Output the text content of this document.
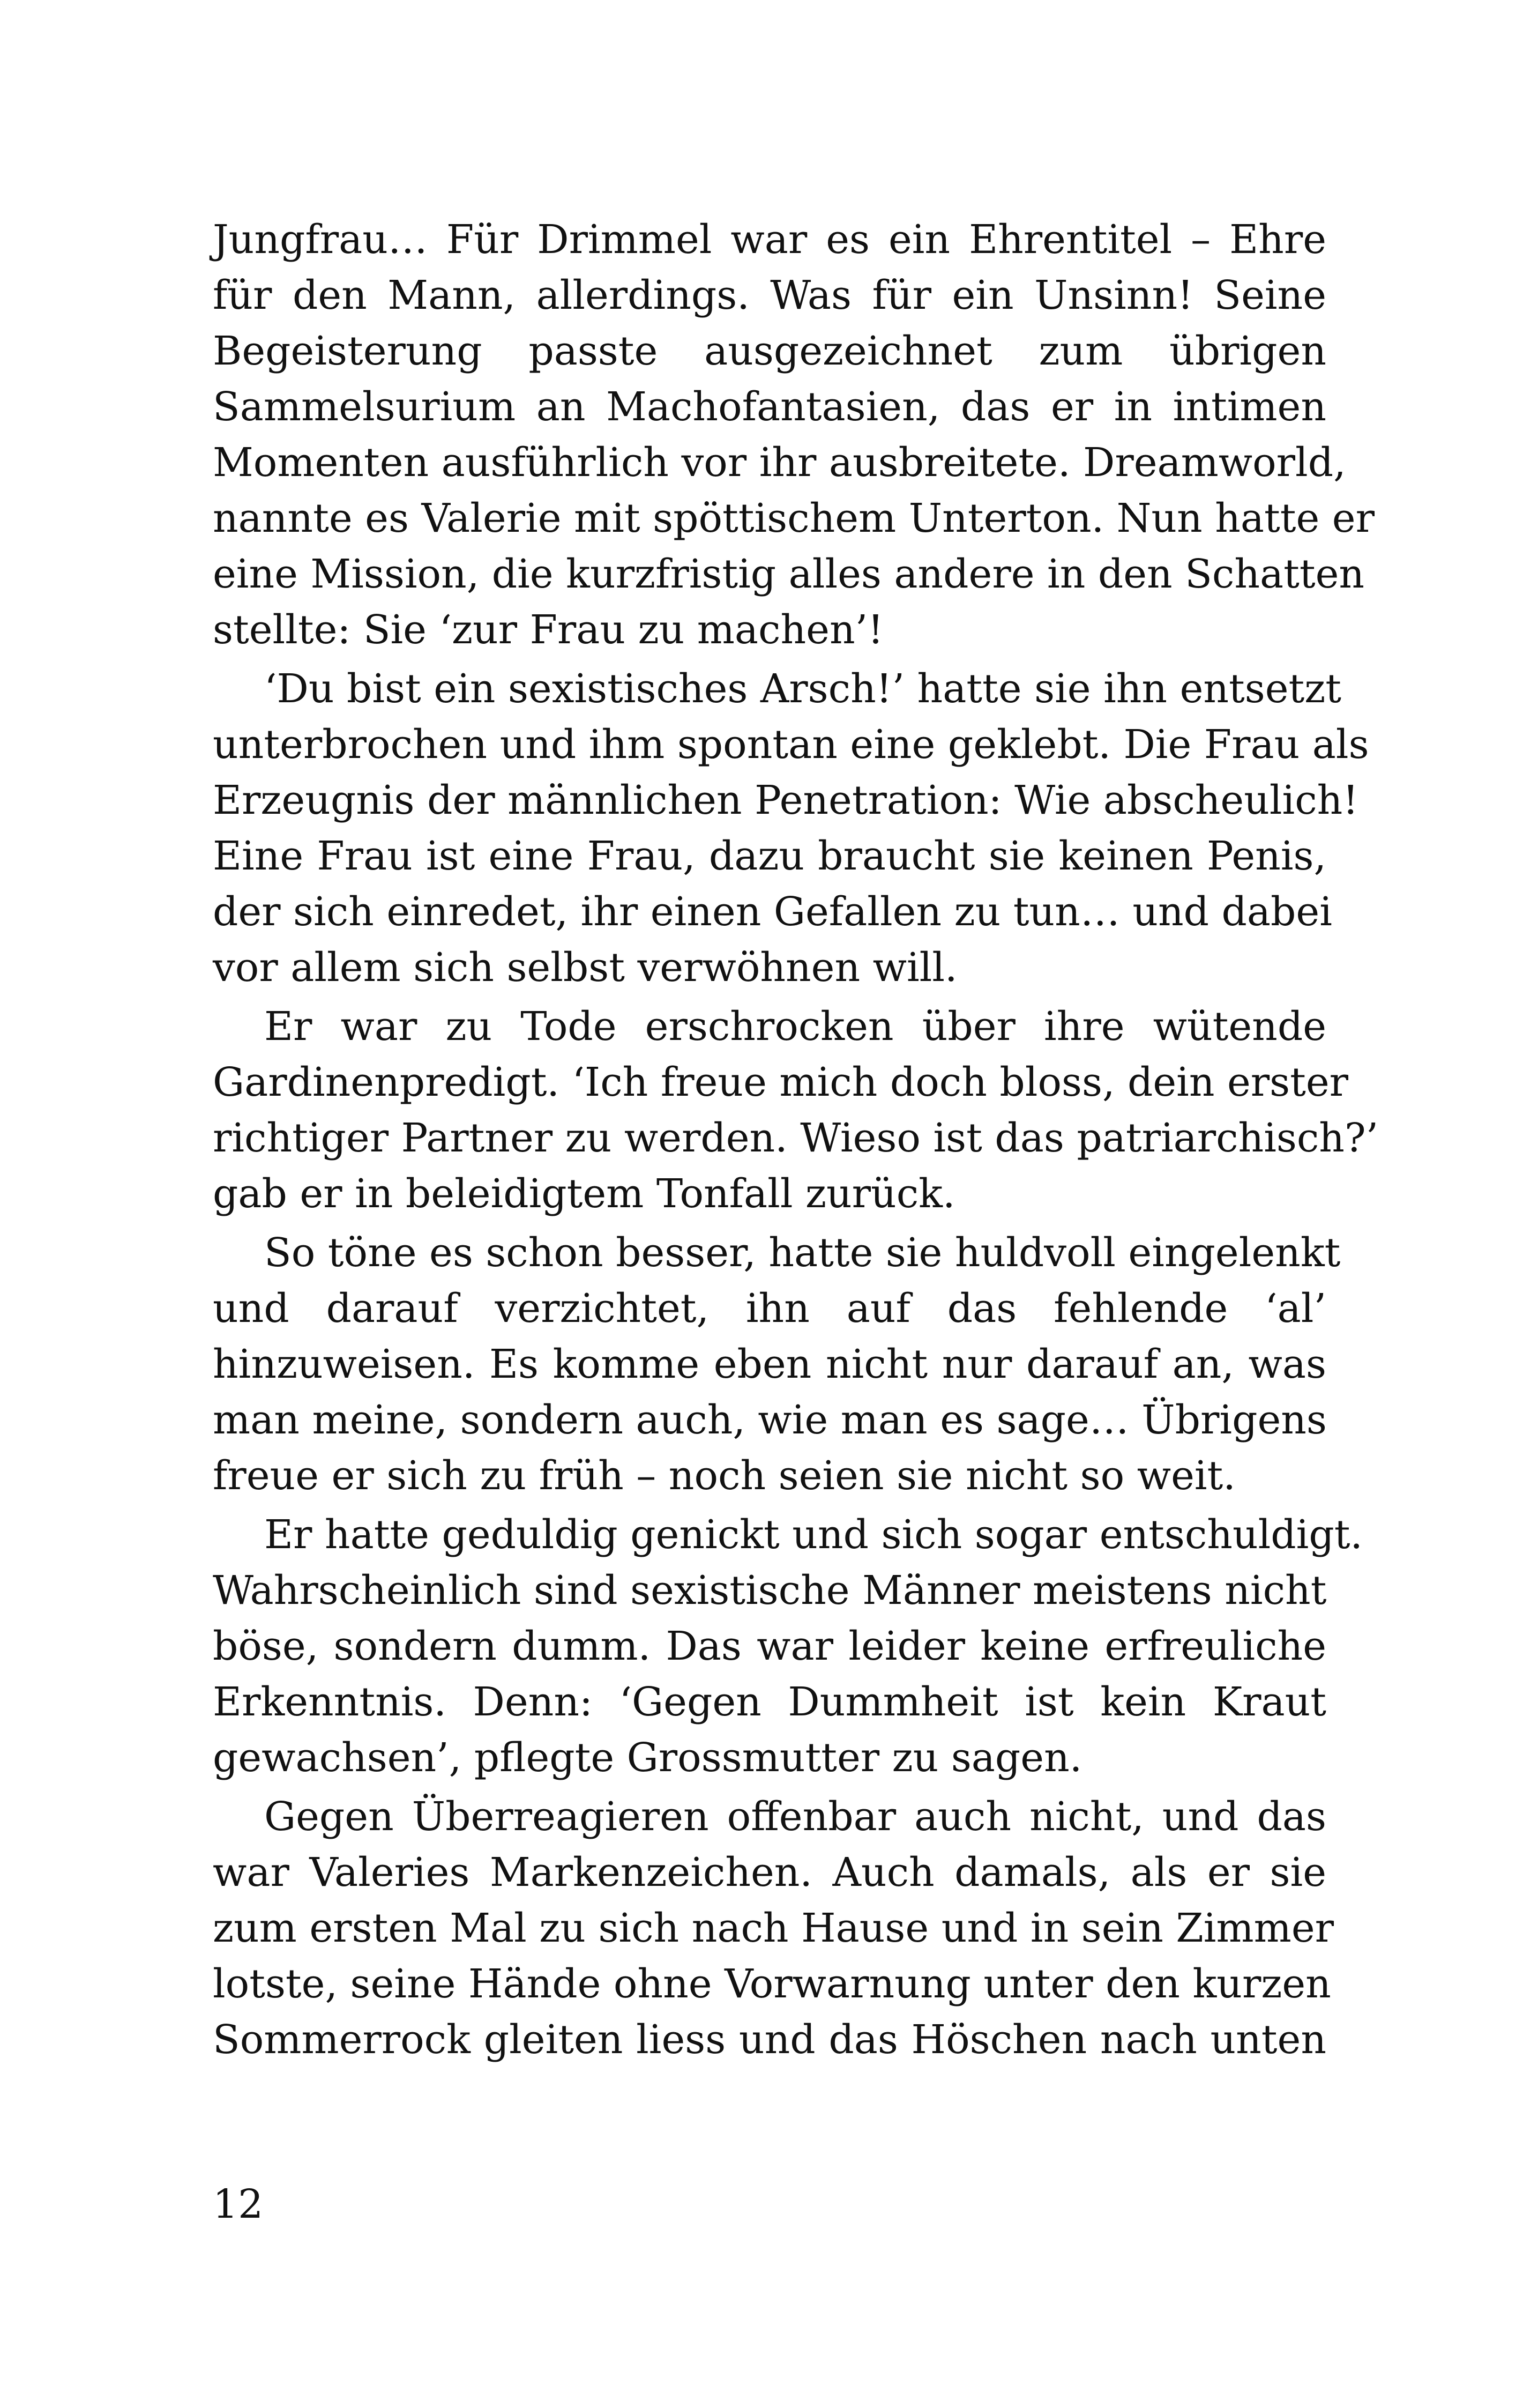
Jungfrau… Für Drimmel war es ein Ehrentitel – Ehre
für den Mann, allerdings. Was für ein Unsinn! Seine
Begeisterung passte ausgezeichnet zum übrigen
Sammelsurium an Machofantasien, das er in intimen
Momenten ausführlich vor ihr ausbreitete. Dreamworld,
nannte es Valerie mit spöttischem Unterton. Nun hatte er
eine Mission, die kurzfristig alles andere in den Schatten
stellte: Sie ‘zur Frau zu machen’!
‘Du bist ein sexistisches Arsch!’ hatte sie ihn entsetzt
unterbrochen und ihm spontan eine geklebt. Die Frau als
Erzeugnis der männlichen Penetration: Wie abscheulich!
Eine Frau ist eine Frau, dazu braucht sie keinen Penis,
der sich einredet, ihr einen Gefallen zu tun… und dabei
vor allem sich selbst verwöhnen will.
Er war zu Tode erschrocken über ihre wütende
Gardinenpredigt. ‘Ich freue mich doch bloss, dein erster
richtiger Partner zu werden. Wieso ist das patriarchisch?’
gab er in beleidigtem Tonfall zurück.
So töne es schon besser, hatte sie huldvoll eingelenkt
und darauf verzichtet, ihn auf das fehlende ‘al’
hinzuweisen. Es komme eben nicht nur darauf an, was
man meine, sondern auch, wie man es sage… Übrigens
freue er sich zu früh – noch seien sie nicht so weit.
Er hatte geduldig genickt und sich sogar entschuldigt.
Wahrscheinlich sind sexistische Männer meistens nicht
böse, sondern dumm. Das war leider keine erfreuliche
Erkenntnis. Denn: ‘Gegen Dummheit ist kein Kraut
gewachsen’, pflegte Grossmutter zu sagen.
Gegen Überreagieren offenbar auch nicht, und das
war Valeries Markenzeichen. Auch damals, als er sie
zum ersten Mal zu sich nach Hause und in sein Zimmer
lotste, seine Hände ohne Vorwarnung unter den kurzen
Sommerrock gleiten liess und das Höschen nach unten
12
